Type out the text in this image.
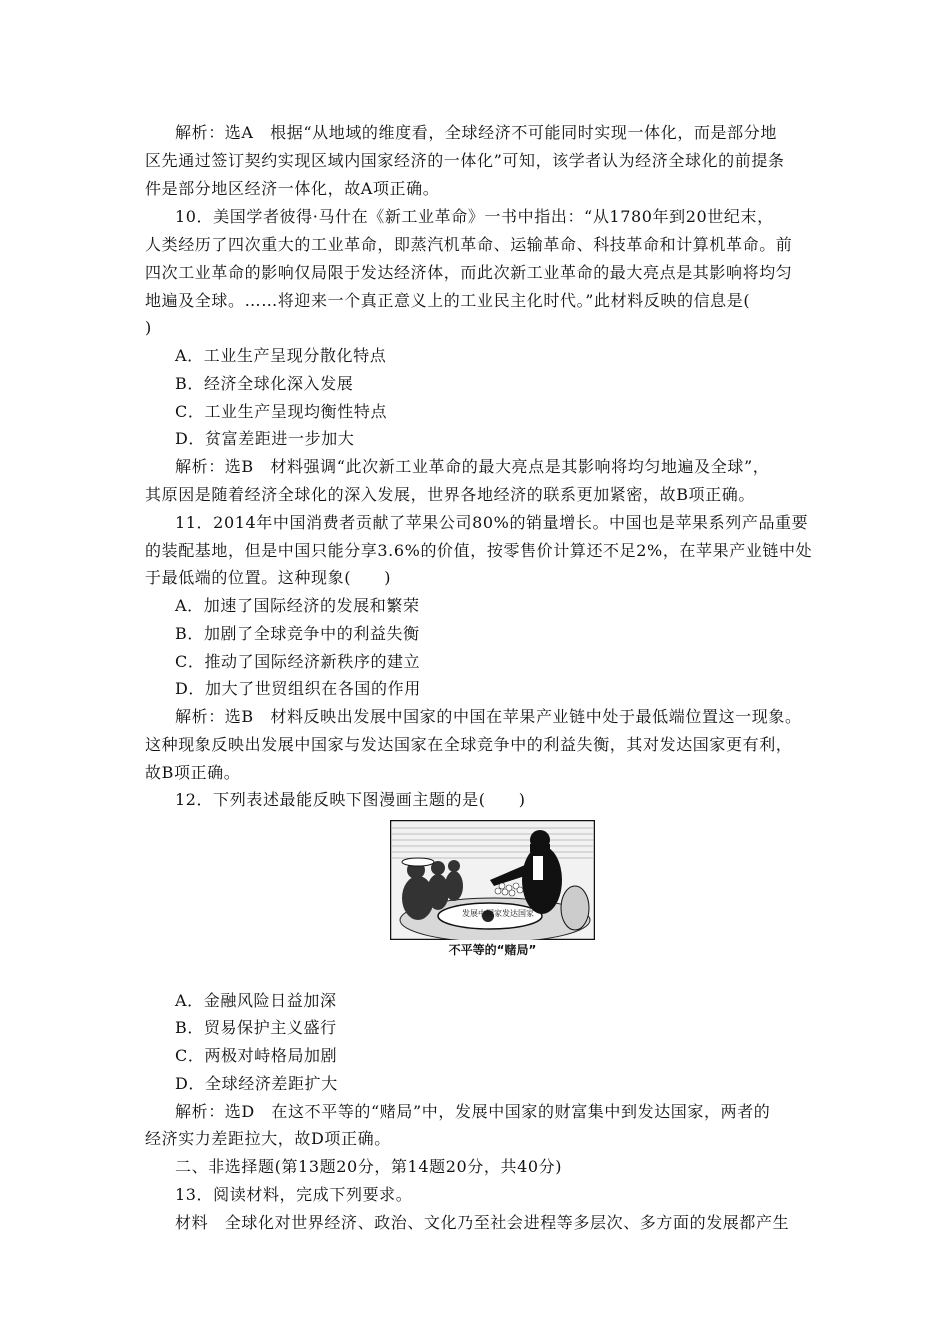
解析：选A　根据“从地域的维度看，全球经济不可能同时实现一体化，而是部分地
区先通过签订契约实现区域内国家经济的一体化”可知，该学者认为经济全球化的前提条
件是部分地区经济一体化，故A项正确。
10．美国学者彼得·马什在《新工业革命》一书中指出：“从1780年到20世纪末，
人类经历了四次重大的工业革命，即蒸汽机革命、运输革命、科技革命和计算机革命。前
四次工业革命的影响仅局限于发达经济体，而此次新工业革命的最大亮点是其影响将均匀
地遍及全球。……将迎来一个真正意义上的工业民主化时代。”此材料反映的信息是(
)
A．工业生产呈现分散化特点
B．经济全球化深入发展
C．工业生产呈现均衡性特点
D．贫富差距进一步加大
解析：选B　材料强调“此次新工业革命的最大亮点是其影响将均匀地遍及全球”，
其原因是随着经济全球化的深入发展，世界各地经济的联系更加紧密，故B项正确。
11．2014年中国消费者贡献了苹果公司80%的销量增长。中国也是苹果系列产品重要
的装配基地，但是中国只能分享3.6%的价值，按零售价计算还不足2%，在苹果产业链中处
于最低端的位置。这种现象(　　)
A．加速了国际经济的发展和繁荣
B．加剧了全球竞争中的利益失衡
C．推动了国际经济新秩序的建立
D．加大了世贸组织在各国的作用
解析：选B　材料反映出发展中国家的中国在苹果产业链中处于最低端位置这一现象。
这种现象反映出发展中国家与发达国家在全球竞争中的利益失衡，其对发达国家更有利，
故B项正确。
12．下列表述最能反映下图漫画主题的是(　　)
发展中国家 发达国家
不平等的“赌局”
A．金融风险日益加深
B．贸易保护主义盛行
C．两极对峙格局加剧
D．全球经济差距扩大
解析：选D　在这不平等的“赌局”中，发展中国家的财富集中到发达国家，两者的
经济实力差距拉大，故D项正确。
二、非选择题(第13题20分，第14题20分，共40分)
13．阅读材料，完成下列要求。
材料　全球化对世界经济、政治、文化乃至社会进程等多层次、多方面的发展都产生
